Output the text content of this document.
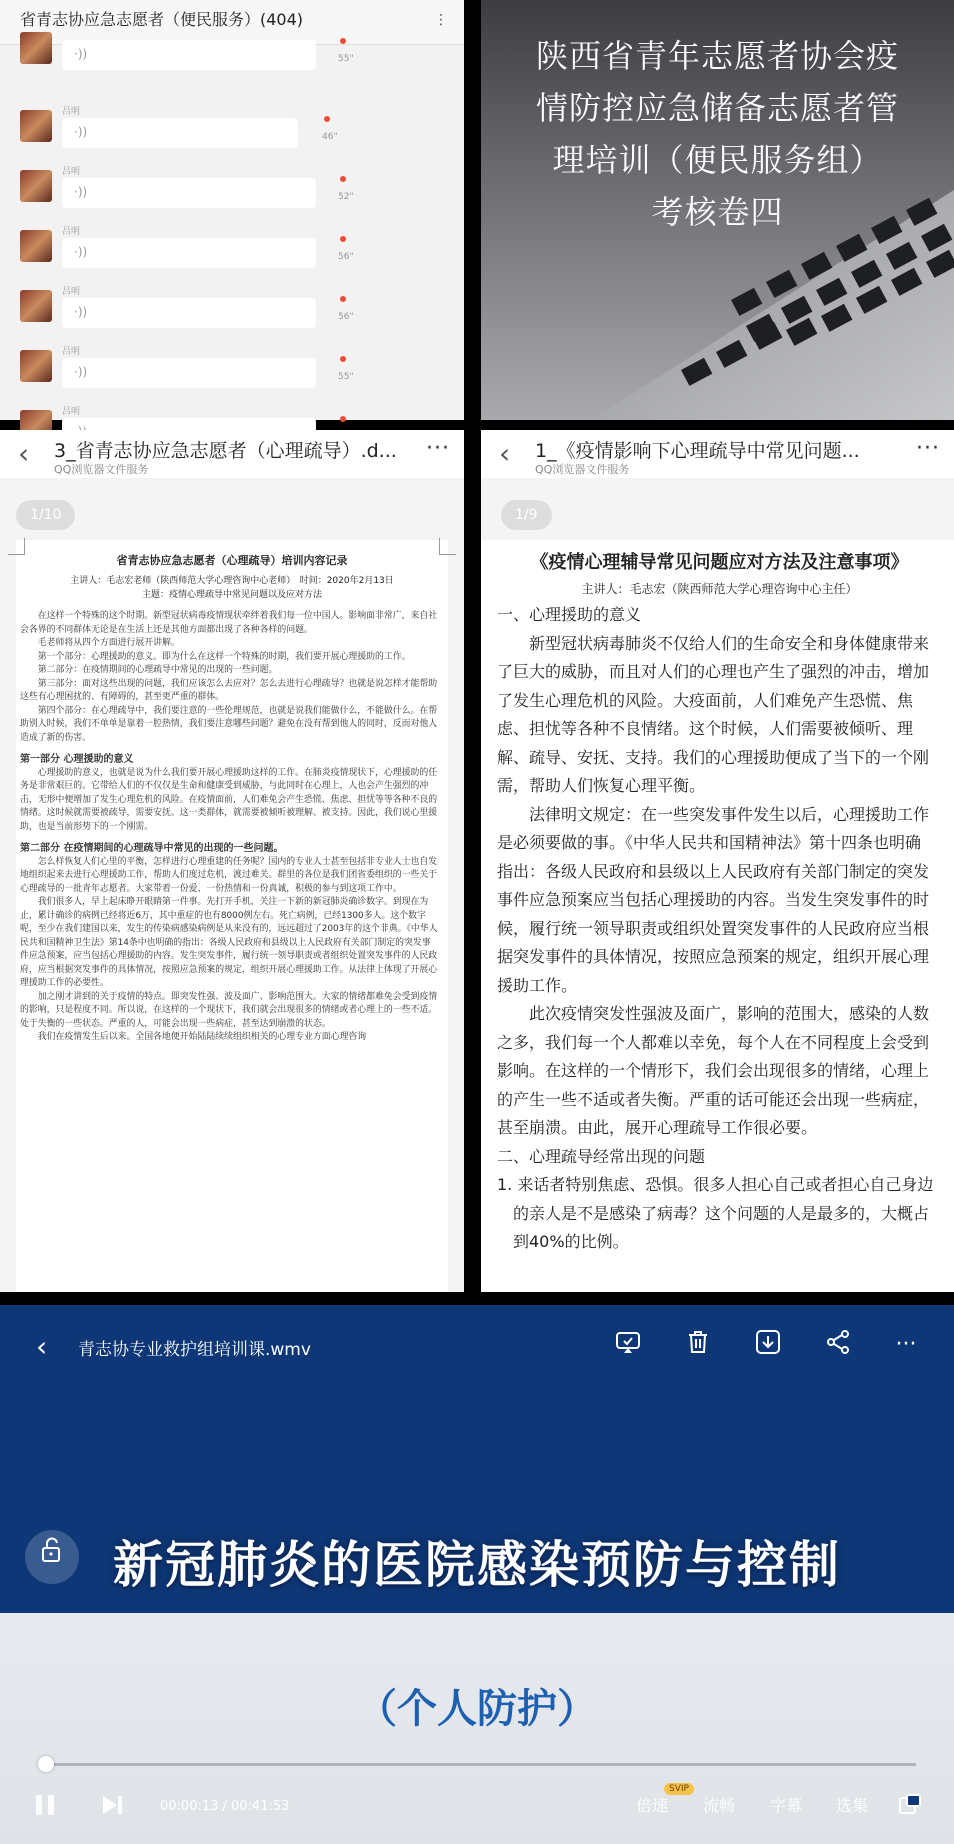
省青志协应急志愿者（便民服务）(404)	⋮
·))	55"
吕明
·))	46"
吕明
·))	52"
吕明
·))	56"
吕明
·))	56"
吕明
·))	55"
吕明
陕西省青年志愿者协会疫
情防控应急储备志愿者管
理培训（便民服务组）
考核卷四
‹ 3_省青志协应急志愿者（心理疏导）.d...
QQ浏览器文件服务
···
省青志协应急志愿者（心理疏导）培训内容记录
主讲人：毛志宏老师（陕西师范大学心理咨询中心老师）　时间：2020年2月13日
主题：疫情心理疏导中常见问题以及应对方法

在这样一个特殊的这个时期。新型冠状病毒疫情现状牵绊着我们每一位中国人。影响面非常广，来自社会各界的不同群体无论是在生活上还是其他方面都出现了各种各样的问题。

毛老师将从四个方面进行展开讲解。

第一个部分：心理援助的意义。即为什么在这样一个特殊的时期，我们要开展心理援助的工作。

第二部分：在疫情期间的心理疏导中常见的出现的一些问题。

第三部分：面对这些出现的问题，我们应该怎么去应对？怎么去进行心理疏导？也就是说怎样才能帮助这些有心理困扰的、有障碍的，甚至更严重的群体。

第四个部分：在心理疏导中，我们要注意的一些伦理规范，也就是说我们能做什么，不能做什么。在帮助别人时候，我们不单单是靠着一腔热情，我们要注意哪些问题？避免在没有帮到他人的同时，反而对他人造成了新的伤害。

第一部分 心理援助的意义

心理援助的意义，也就是说为什么我们要开展心理援助这样的工作。在肺炎疫情现状下，心理援助的任务是非常艰巨的。它带给人们的不仅仅是生命和健康受到威胁，与此同时在心理上，人也会产生强烈的冲击，无形中便增加了发生心理危机的风险。在疫情面前，人们难免会产生恐慌、焦虑、担忧等等各种不良的情绪。这时候就需要被疏导，需要安抚。这一类群体，就需要被倾听被理解、被支持。因此，我们说心里援助，也是当前形势下的一个刚需。

第二部分 在疫情期间的心理疏导中常见的出现的一些问题。

怎么样恢复人们心里的平衡，怎样进行心理重建的任务呢？国内的专业人士甚至包括非专业人士也自发地组织起来去进行心理援助工作，帮助人们度过危机，渡过难关。群里的各位是我们团省委组织的一些关于心理疏导的一批青年志愿者。大家带着一份爱、一份热情和一份真诚，积极的参与到这项工作中。

我们很多人，早上起床睁开眼睛第一件事。先打开手机，关注一下新的新冠肺炎确诊数字。到现在为止，累计确诊的病例已经将近6万，其中重症的也有8000例左右。死亡病例，已经1300多人。这个数字呢，至少在我们建国以来，发生的传染病感染病例是从来没有的，远远超过了2003年的这个非典。《中华人民共和国精神卫生法》第14条中也明确的指出：各级人民政府和县级以上人民政府有关部门制定的突发事件应急预案，应当包括心理援助的内容。发生突发事件，履行统一领导职责或者组织处置突发事件的人民政府，应当根据突发事件的具体情况，按照应急预案的规定，组织开展心理援助工作。从法律上体现了开展心理援助工作的必要性。

加之刚才讲到的关于疫情的特点。即突发性强、波及面广、影响范围大。大家的情绪都难免会受到疫情的影响，只是程度不同。所以说，在这样的一个现状下，我们就会出现很多的情绪或者心理上的一些不适。处于失衡的一些状态。严重的人，可能会出现一些病症，甚至达到崩溃的状态。

我们在疫情发生后以来。全国各地便开始陆陆续续组织相关的心理专业方面心理咨询

1/10
‹ 1_《疫情影响下心理疏导中常见问题...
QQ浏览器文件服务
···
《疫情心理辅导常见问题应对方法及注意事项》
主讲人：毛志宏（陕西师范大学心理咨询中心主任）

一、心理援助的意义

新型冠状病毒肺炎不仅给人们的生命安全和身体健康带来了巨大的威胁，而且对人们的心理也产生了强烈的冲击，增加了发生心理危机的风险。大疫面前，人们难免产生恐慌、焦虑、担忧等各种不良情绪。这个时候，人们需要被倾听、理解、疏导、安抚、支持。我们的心理援助便成了当下的一个刚需，帮助人们恢复心理平衡。

法律明文规定：在一些突发事件发生以后，心理援助工作是必须要做的事。《中华人民共和国精神法》第十四条也明确指出：各级人民政府和县级以上人民政府有关部门制定的突发事件应急预案应当包括心理援助的内容。当发生突发事件的时候，履行统一领导职责或组织处置突发事件的人民政府应当根据突发事件的具体情况，按照应急预案的规定，组织开展心理援助工作。

此次疫情突发性强波及面广，影响的范围大，感染的人数之多，我们每一个人都难以幸免，每个人在不同程度上会受到影响。在这样的一个情形下，我们会出现很多的情绪，心理上的产生一些不适或者失衡。严重的话可能还会出现一些病症，甚至崩溃。由此，展开心理疏导工作很必要。

二、心理疏导经常出现的问题

1. 来话者特别焦虑、恐惧。很多人担心自己或者担心自己身边的亲人是不是感染了病毒？这个问题的人是最多的，大概占到40%的比例。

1/9
‹ 青志协专业救护组培训课.wmv	···
新冠肺炎的医院感染预防与控制
（个人防护）
00:00:13 / 00:41:53
SVIP
倍速 流畅 字幕 选集
